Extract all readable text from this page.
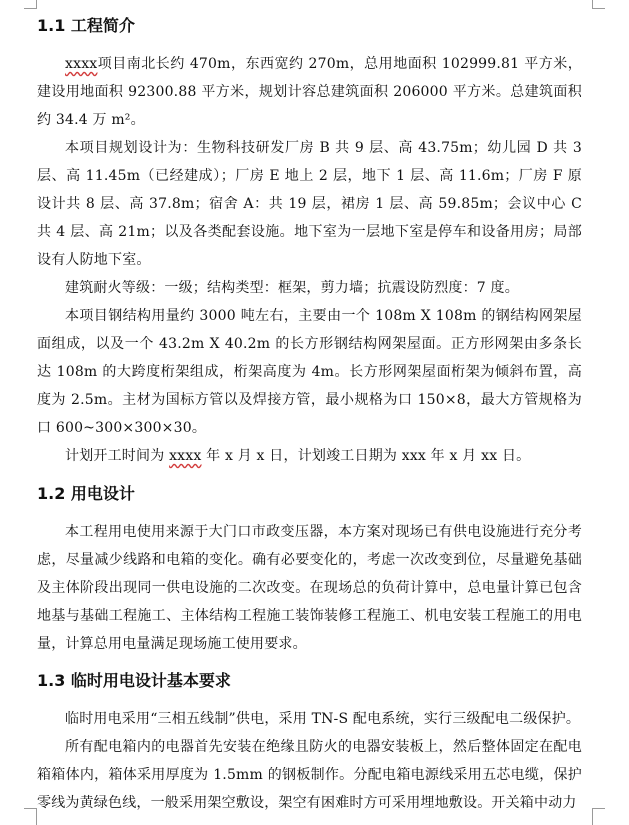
1.1 工程简介

xxxx项目南北长约 470m，东西宽约 270m，总用地面积 102999.81 平方米，建设用地面积 92300.88 平方米，规划计容总建筑面积 206000 平方米。总建筑面积约 34.4 万 m²。

本项目规划设计为：生物科技研发厂房 B 共 9 层、高 43.75m；幼儿园 D 共 3 层、高 11.45m（已经建成）；厂房 E 地上 2 层，地下 1 层、高 11.6m；厂房 F 原设计共 8 层、高 37.8m；宿舍 A：共 19 层，裙房 1 层、高 59.85m；会议中心 C 共 4 层、高 21m；以及各类配套设施。地下室为一层地下室是停车和设备用房；局部设有人防地下室。

建筑耐火等级：一级；结构类型：框架，剪力墙；抗震设防烈度：7 度。

本项目钢结构用量约 3000 吨左右，主要由一个 108m X 108m 的钢结构网架屋面组成，以及一个 43.2m X 40.2m 的长方形钢结构网架屋面。正方形网架由多条长达 108m 的大跨度桁架组成，桁架高度为 4m。长方形网架屋面桁架为倾斜布置，高度为 2.5m。主材为国标方管以及焊接方管，最小规格为口 150×8，最大方管规格为口 600~300×300×30。

计划开工时间为 xxxx 年 x 月 x 日，计划竣工日期为 xxx 年 x 月 xx 日。

1.2 用电设计

本工程用电使用来源于大门口市政变压器，本方案对现场已有供电设施进行充分考虑，尽量减少线路和电箱的变化。确有必要变化的，考虑一次改变到位，尽量避免基础及主体阶段出现同一供电设施的二次改变。在现场总的负荷计算中，总电量计算已包含地基与基础工程施工、主体结构工程施工装饰装修工程施工、机电安装工程施工的用电量，计算总用电量满足现场施工使用要求。

1.3 临时用电设计基本要求

临时用电采用“三相五线制”供电，采用 TN-S 配电系统，实行三级配电二级保护。

所有配电箱内的电器首先安装在绝缘且防火的电器安装板上，然后整体固定在配电箱箱体内，箱体采用厚度为 1.5mm 的钢板制作。分配电箱电源线采用五芯电缆，保护零线为黄绿色线，一般采用架空敷设，架空有困难时方可采用埋地敷设。开关箱中动力
